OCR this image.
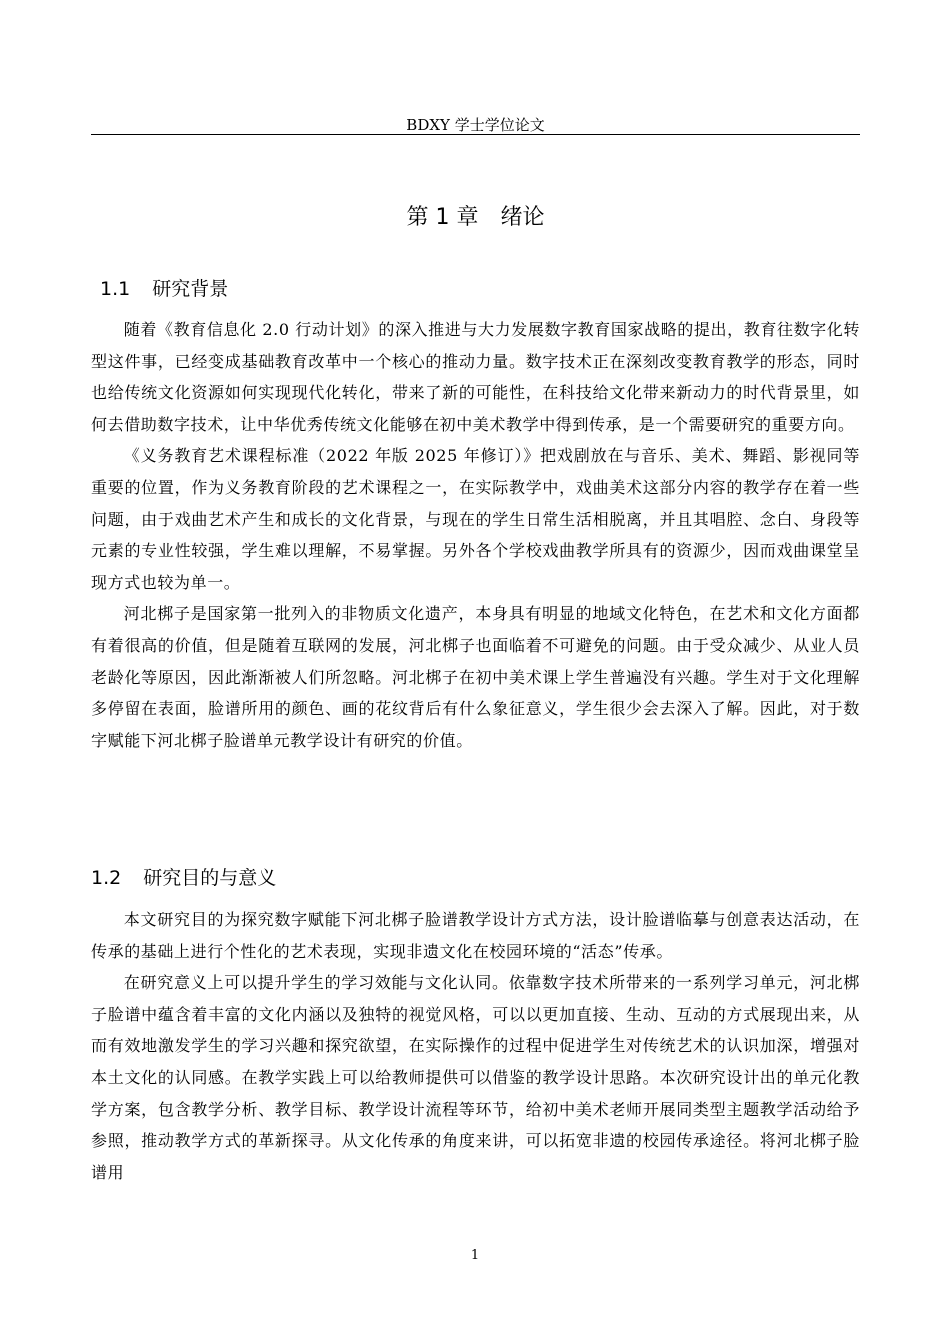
BDXY 学士学位论文
第 1 章 绪论
1.1 研究背景

随着《教育信息化 2.0 行动计划》的深入推进与大力发展数字教育国家战略的提出，教育往数字化转型这件事，已经变成基础教育改革中一个核心的推动力量。数字技术正在深刻改变教育教学的形态，同时也给传统文化资源如何实现现代化转化，带来了新的可能性，在科技给文化带来新动力的时代背景里，如何去借助数字技术，让中华优秀传统文化能够在初中美术教学中得到传承，是一个需要研究的重要方向。

《义务教育艺术课程标准（2022 年版 2025 年修订）》把戏剧放在与音乐、美术、舞蹈、影视同等重要的位置，作为义务教育阶段的艺术课程之一，在实际教学中，戏曲美术这部分内容的教学存在着一些问题，由于戏曲艺术产生和成长的文化背景，与现在的学生日常生活相脱离，并且其唱腔、念白、身段等元素的专业性较强，学生难以理解，不易掌握。另外各个学校戏曲教学所具有的资源少，因而戏曲课堂呈现方式也较为单一。

河北梆子是国家第一批列入的非物质文化遗产，本身具有明显的地域文化特色，在艺术和文化方面都有着很高的价值，但是随着互联网的发展，河北梆子也面临着不可避免的问题。由于受众减少、从业人员老龄化等原因，因此渐渐被人们所忽略。河北梆子在初中美术课上学生普遍没有兴趣。学生对于文化理解多停留在表面，脸谱所用的颜色、画的花纹背后有什么象征意义，学生很少会去深入了解。因此，对于数字赋能下河北梆子脸谱单元教学设计有研究的价值。

1.2 研究目的与意义

本文研究目的为探究数字赋能下河北梆子脸谱教学设计方式方法，设计脸谱临摹与创意表达活动，在传承的基础上进行个性化的艺术表现，实现非遗文化在校园环境的“活态”传承。

在研究意义上可以提升学生的学习效能与文化认同。依靠数字技术所带来的一系列学习单元，河北梆子脸谱中蕴含着丰富的文化内涵以及独特的视觉风格，可以以更加直接、生动、互动的方式展现出来，从而有效地激发学生的学习兴趣和探究欲望，在实际操作的过程中促进学生对传统艺术的认识加深，增强对本土文化的认同感。在教学实践上可以给教师提供可以借鉴的教学设计思路。本次研究设计出的单元化教学方案，包含教学分析、教学目标、教学设计流程等环节，给初中美术老师开展同类型主题教学活动给予参照，推动教学方式的革新探寻。从文化传承的角度来讲，可以拓宽非遗的校园传承途径。将河北梆子脸谱用

1
